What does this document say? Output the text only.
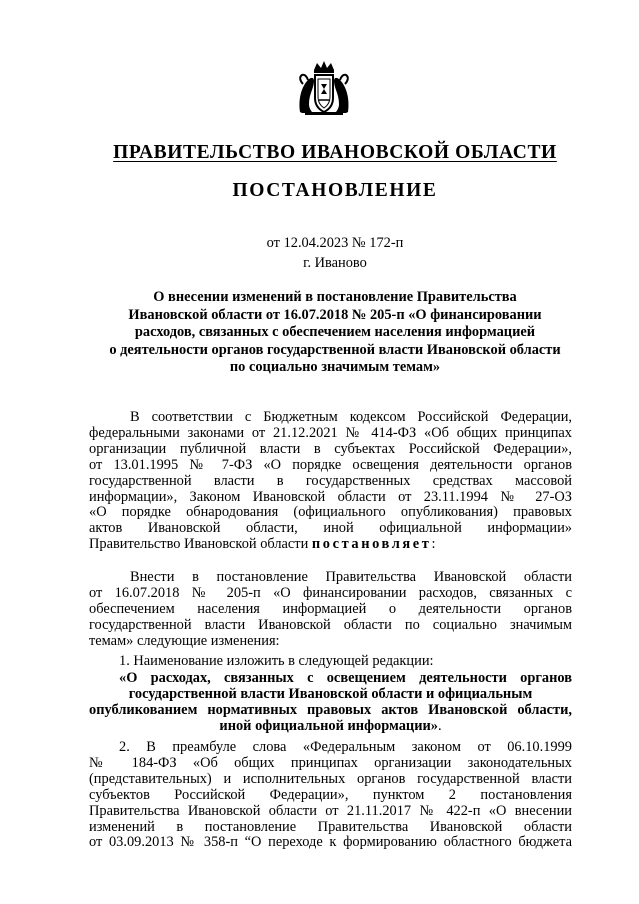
ПРАВИТЕЛЬСТВО ИВАНОВСКОЙ ОБЛАСТИ
ПОСТАНОВЛЕНИЕ
от 12.04.2023 № 172-п
г. Иваново
О внесении изменений в постановление Правительства
Ивановской области от 16.07.2018 № 205-п «О финансировании
расходов, связанных с обеспечением населения информацией
о деятельности органов государственной власти Ивановской области
по социально значимым темам»
В соответствии с Бюджетным кодексом Российской Федерации,
федеральными законами от 21.12.2021 № 414-ФЗ «Об общих принципах
организации публичной власти в субъектах Российской Федерации»,
от 13.01.1995 № 7-ФЗ «О порядке освещения деятельности органов
государственной власти в государственных средствах массовой
информации», Законом Ивановской области от 23.11.1994 № 27-ОЗ
«О порядке обнародования (официального опубликования) правовых
актов Ивановской области, иной официальной информации»
Правительство Ивановской области постановляет:
Внести в постановление Правительства Ивановской области
от 16.07.2018 № 205-п «О финансировании расходов, связанных с
обеспечением населения информацией о деятельности органов
государственной власти Ивановской области по социально значимым
темам» следующие изменения:
1. Наименование изложить в следующей редакции:
«О расходах, связанных с освещением деятельности органов
государственной власти Ивановской области и официальным
опубликованием нормативных правовых актов Ивановской области,
иной официальной информации».
2. В преамбуле слова «Федеральным законом от 06.10.1999
№ 184-ФЗ «Об общих принципах организации законодательных
(представительных) и исполнительных органов государственной власти
субъектов Российской Федерации», пунктом 2 постановления
Правительства Ивановской области от 21.11.2017 № 422-п «О внесении
изменений в постановление Правительства Ивановской области
от 03.09.2013 № 358-п “О переходе к формированию областного бюджета
